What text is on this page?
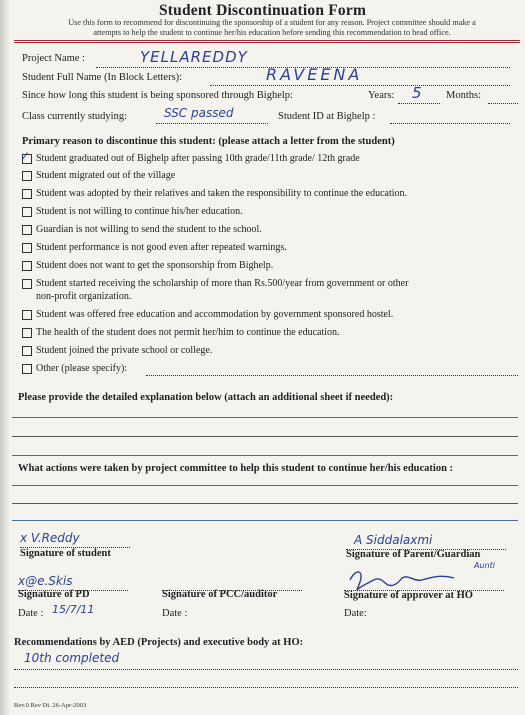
Student Discontinuation Form
Use this form to recommend for discontinuing the sponsorship of a student for any reason. Project committee should make a
attempts to help the student to continue her/his education before sending this recommendation to head office.
Project Name :	YELLAREDDY
Student Full Name (In Block Letters):	RAVEENA
Since how long this student is being sponsored through Bighelp:	Years: 5 Months:
Class currently studying:	SSC passed	Student ID at Bighelp :
Primary reason to discontinue this student: (please attach a letter from the student)
✓ Student graduated out of Bighelp after passing 10th grade/11th grade/ 12th grade
Student migrated out of the village
Student was adopted by their relatives and taken the responsibility to continue the education.
Student is not willing to continue his/her education.
Guardian is not willing to send the student to the school.
Student performance is not good even after repeated warnings.
Student does not want to get the sponsorship from Bighelp.
Student started receiving the scholarship of more than Rs.500/year from government or other
non-profit organization.
Student was offered free education and accommodation by government sponsored hostel.
The health of the student does not permit her/him to continue the education.
Student joined the private school or college.
Other (please specify):
Please provide the detailed explanation below (attach an additional sheet if needed):
What actions were taken by project committee to help this student to continue her/his education :
x V.Reddy
Signature of student
A Siddalaxmi
Signature of Parent/Guardian
Aunti
x@e.Skis
Signature of PD	Signature of PCC/auditor	Signature of approver at HO
Date : 15/7/11	Date :	Date:
Recommendations by AED (Projects) and executive body at HO:
10th completed
Rev.0 Rev Dt. 26-Apr-2003
